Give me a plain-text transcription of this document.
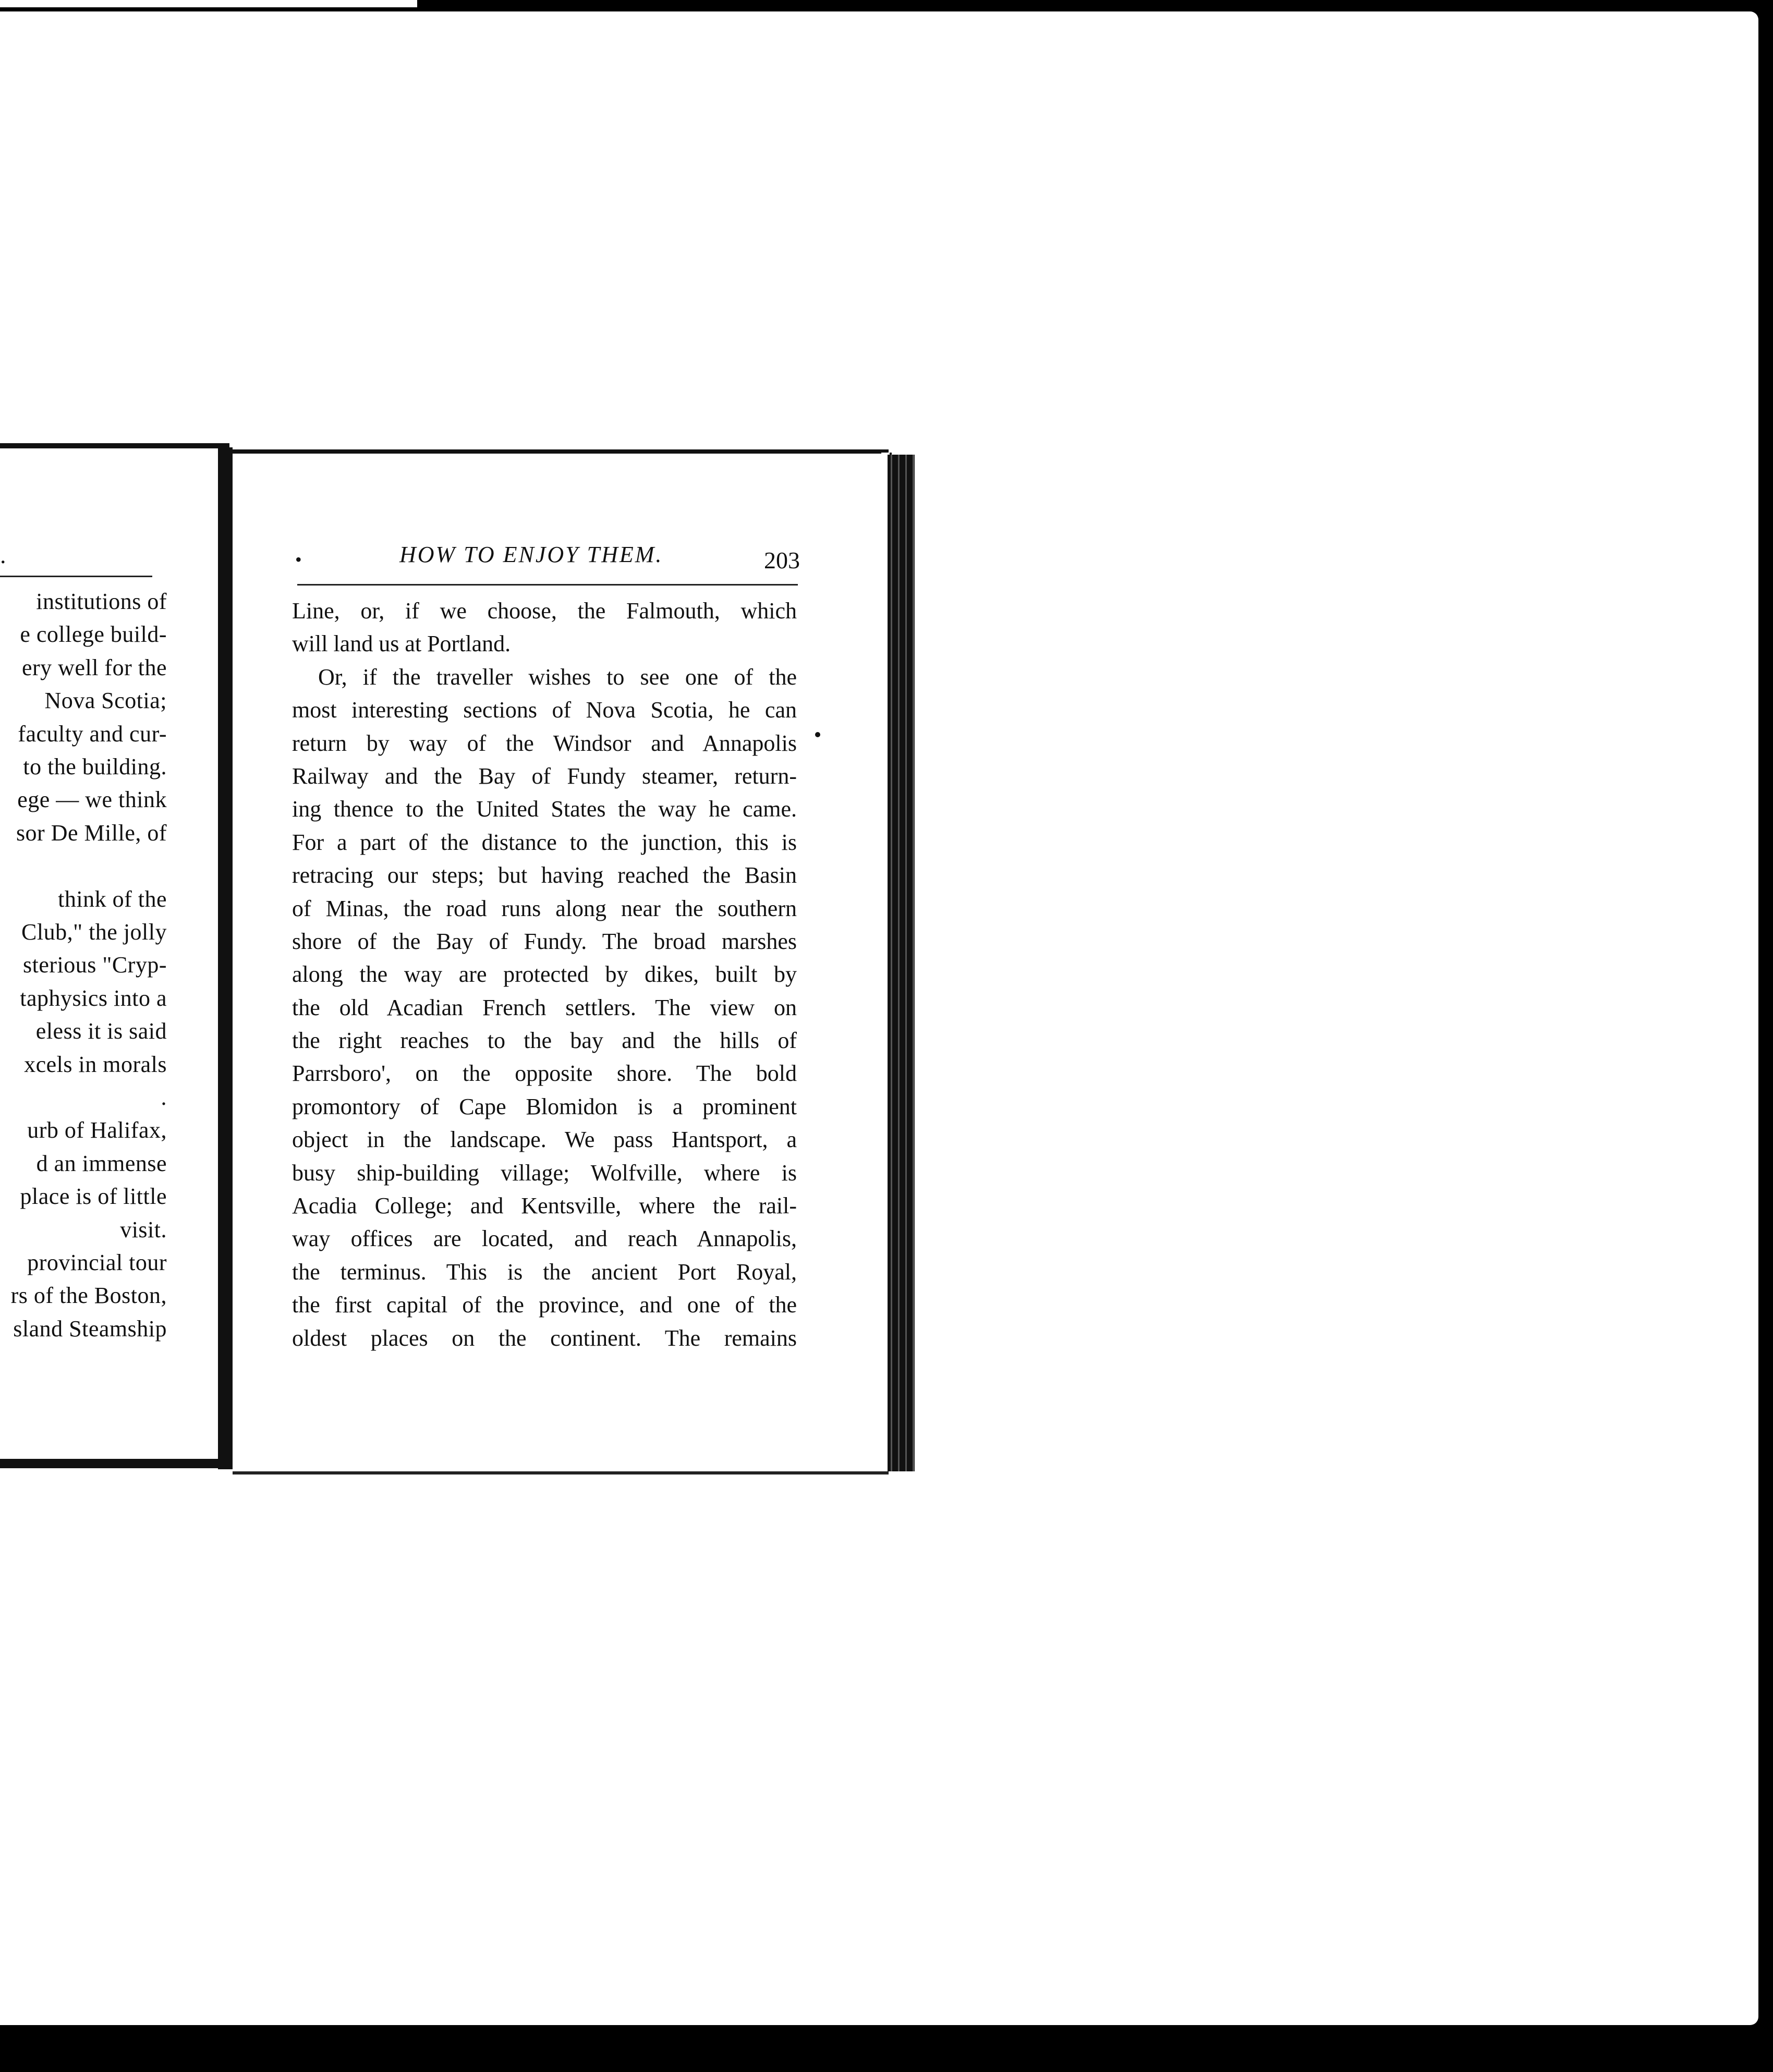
.
institutions of
e college build-
ery well for the
Nova Scotia;
faculty and cur-
to the building.
ege — we think
sor De Mille, of
think of the
Club," the jolly
sterious "Cryp-
taphysics into a
eless it is said
xcels in morals
.
urb of Halifax,
d an immense
place is of little
visit.
provincial tour
rs of the Boston,
sland Steamship
•	HOW TO ENJOY THEM.	203
Line, or, if we choose, the Falmouth, which
will land us at Portland.
Or, if the traveller wishes to see one of the
most interesting sections of Nova Scotia, he can
return by way of the Windsor and Annapolis
Railway and the Bay of Fundy steamer, return-
ing thence to the United States the way he came.
For a part of the distance to the junction, this is
retracing our steps; but having reached the Basin
of Minas, the road runs along near the southern
shore of the Bay of Fundy. The broad marshes
along the way are protected by dikes, built by
the old Acadian French settlers. The view on
the right reaches to the bay and the hills of
Parrsboro', on the opposite shore. The bold
promontory of Cape Blomidon is a prominent
object in the landscape. We pass Hantsport, a
busy ship-building village; Wolfville, where is
Acadia College; and Kentsville, where the rail-
way offices are located, and reach Annapolis,
the terminus. This is the ancient Port Royal,
the first capital of the province, and one of the
oldest places on the continent. The remains
